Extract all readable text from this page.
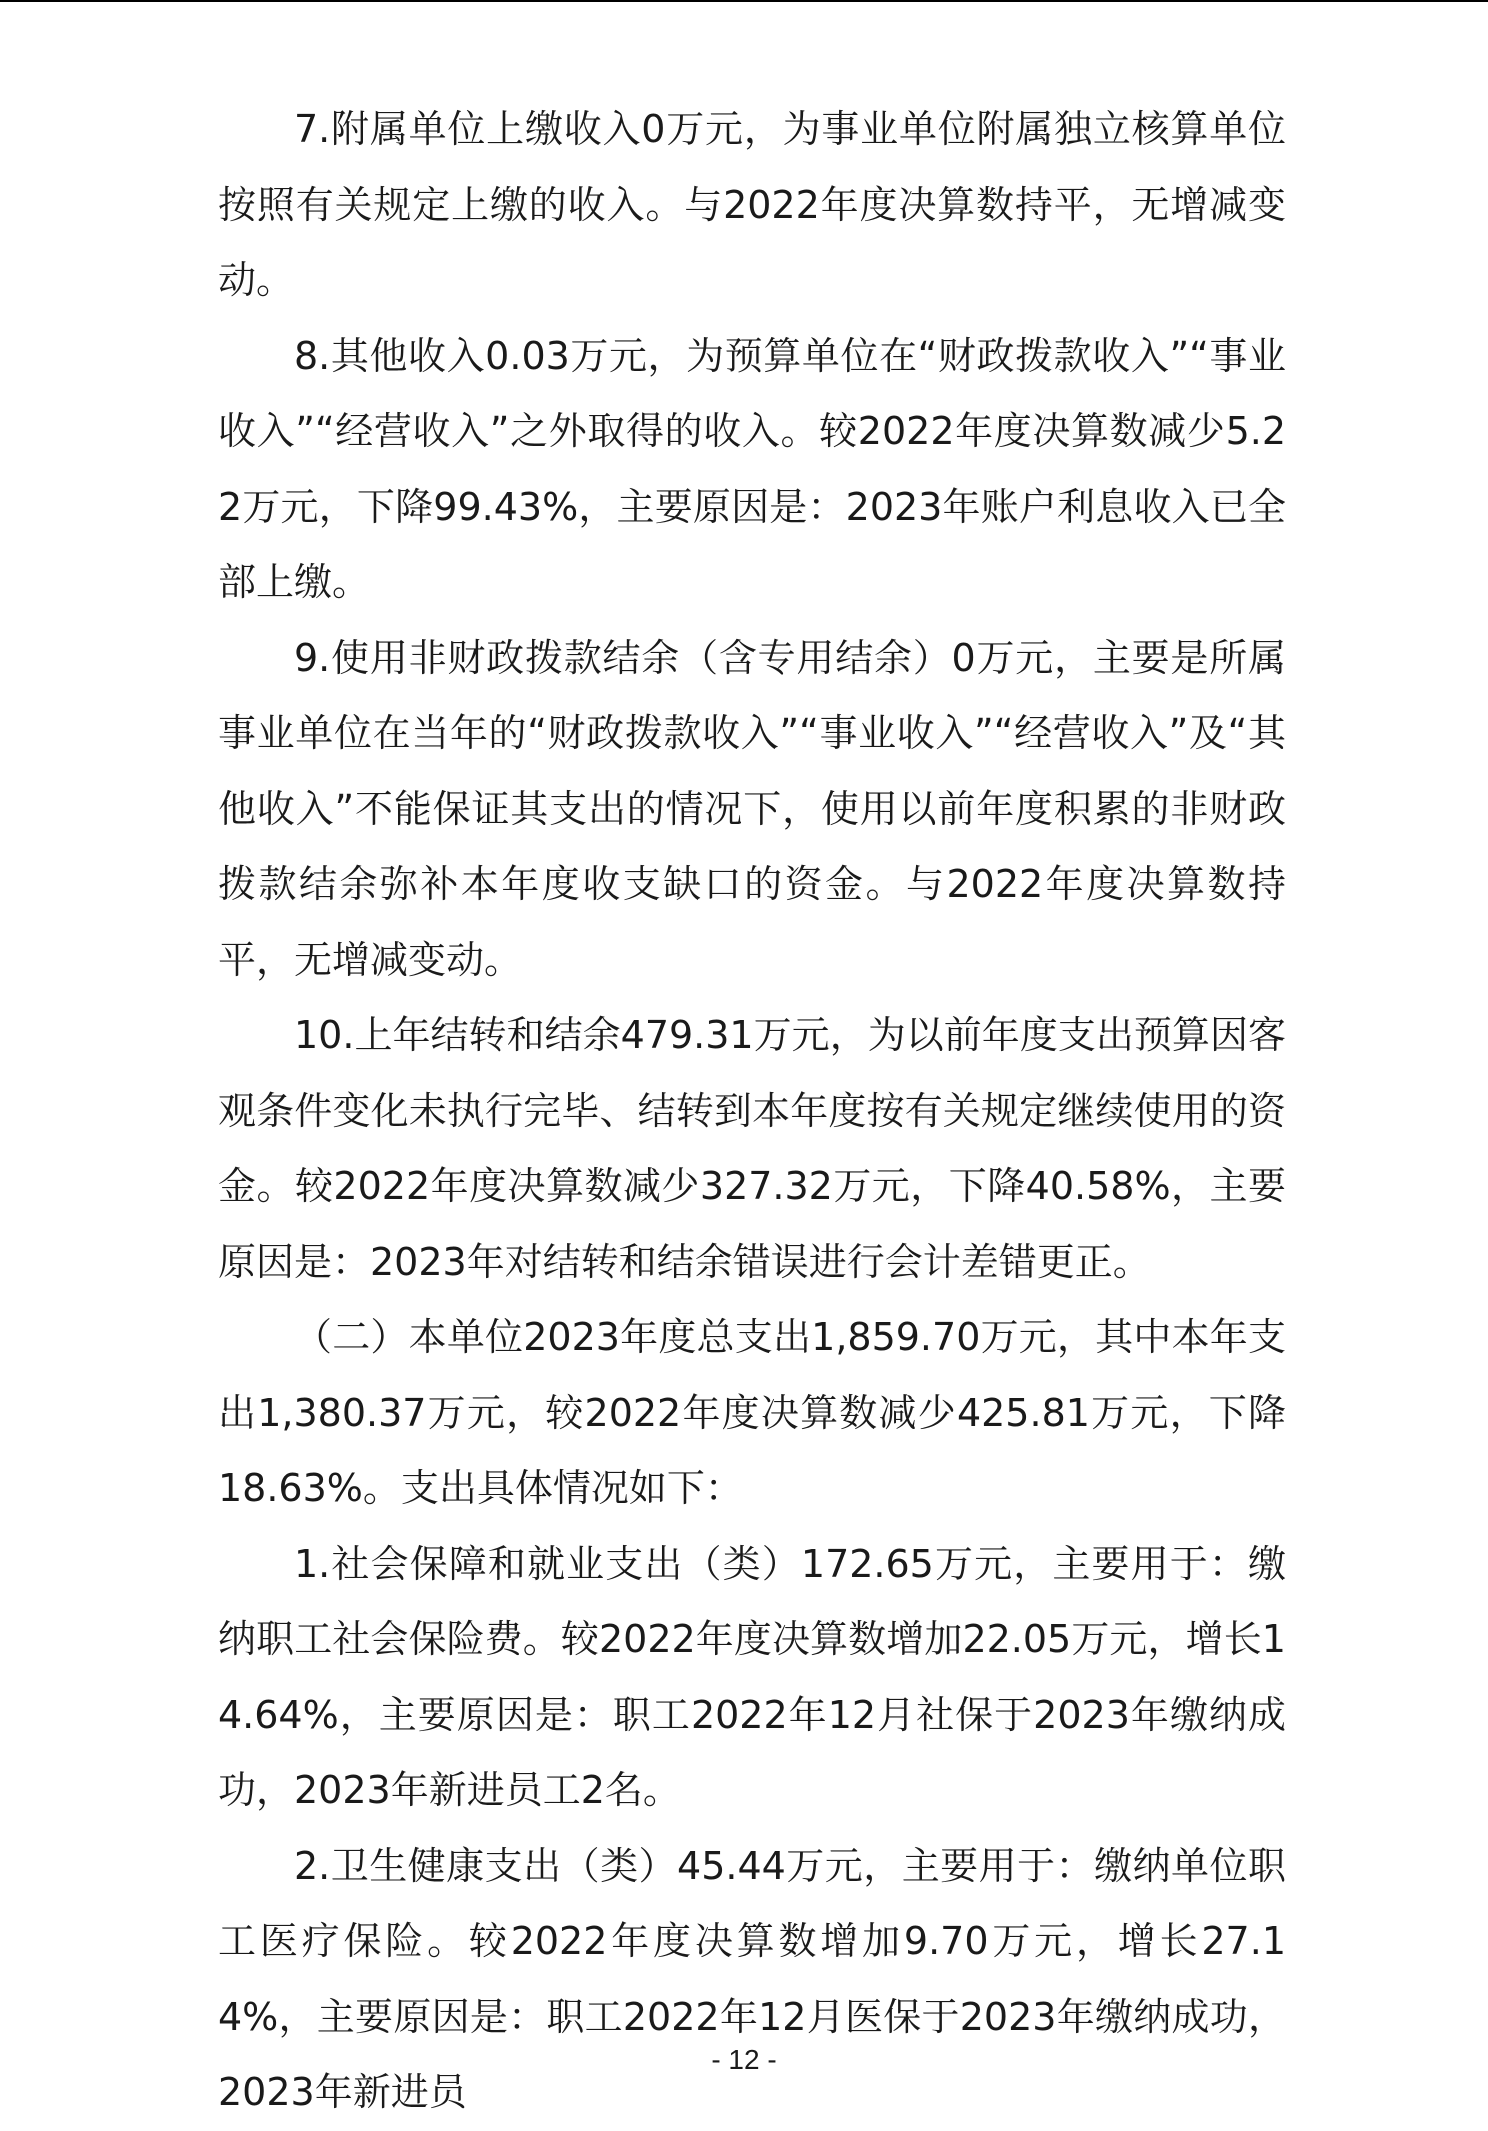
7.附属单位上缴收入0万元，为事业单位附属独立核算单位按照有关规定上缴的收入。与2022年度决算数持平，无增减变动。

8.其他收入0.03万元，为预算单位在“财政拨款收入”“事业收入”“经营收入”之外取得的收入。较2022年度决算数减少5.22万元，下降99.43%，主要原因是：2023年账户利息收入已全部上缴。

9.使用非财政拨款结余（含专用结余）0万元，主要是所属事业单位在当年的“财政拨款收入”“事业收入”“经营收入”及“其他收入”不能保证其支出的情况下，使用以前年度积累的非财政拨款结余弥补本年度收支缺口的资金。与2022年度决算数持平，无增减变动。

10.上年结转和结余479.31万元，为以前年度支出预算因客观条件变化未执行完毕、结转到本年度按有关规定继续使用的资金。较2022年度决算数减少327.32万元，下降40.58%，主要原因是：2023年对结转和结余错误进行会计差错更正。

（二）本单位2023年度总支出1,859.70万元，其中本年支出1,380.37万元，较2022年度决算数减少425.81万元，下降18.63%。支出具体情况如下：

1.社会保障和就业支出（类）172.65万元，主要用于：缴纳职工社会保险费。较2022年度决算数增加22.05万元，增长14.64%，主要原因是：职工2022年12月社保于2023年缴纳成功，2023年新进员工2名。

2.卫生健康支出（类）45.44万元，主要用于：缴纳单位职工医疗保险。较2022年度决算数增加9.70万元，增长27.14%，主要原因是：职工2022年12月医保于2023年缴纳成功，2023年新进员

- 12 -
